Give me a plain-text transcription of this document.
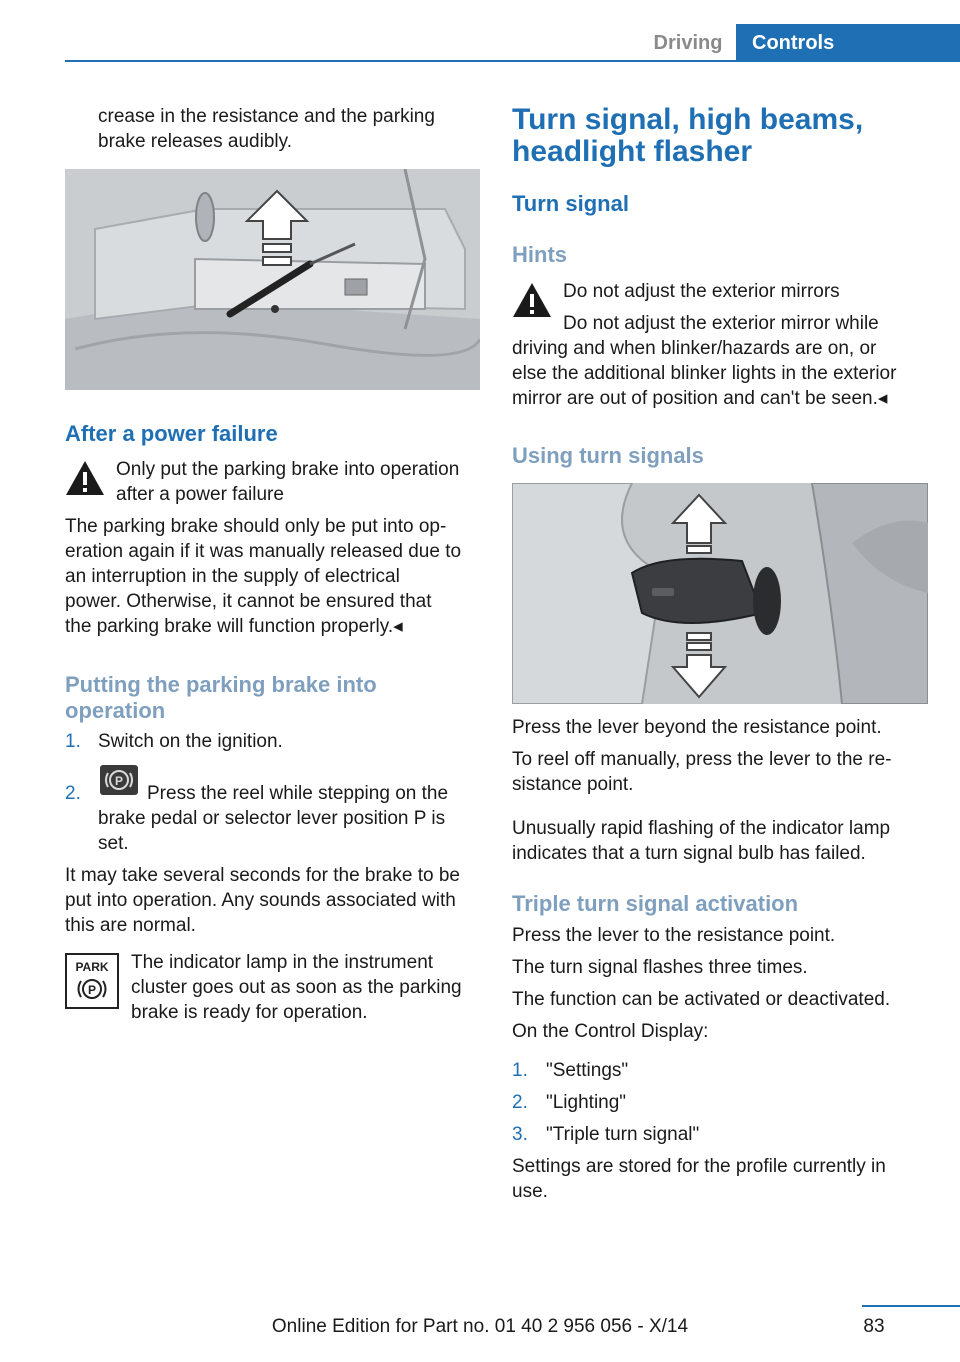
Driving	Controls
crease in the resistance and the parking
brake releases audibly.
After a power failure
Only put the parking brake into operation
after a power failure
The parking brake should only be put into op-
eration again if it was manually released due to
an interruption in the supply of electrical
power. Otherwise, it cannot be ensured that
the parking brake will function properly.◂
Putting the parking brake into
operation
1. Switch on the ignition.
2.
P
Press the reel while stepping on the
brake pedal or selector lever position P is
set.
It may take several seconds for the brake to be
put into operation. Any sounds associated with
this are normal.
PARK
P
The indicator lamp in the instrument
cluster goes out as soon as the parking
brake is ready for operation.
Turn signal, high beams,
headlight flasher
Turn signal
Hints
Do not adjust the exterior mirrors
Do not adjust the exterior mirror while
driving and when blinker/hazards are on, or
else the additional blinker lights in the exterior
mirror are out of position and can't be seen.◂
Using turn signals
Press the lever beyond the resistance point.
To reel off manually, press the lever to the re-
sistance point.
Unusually rapid flashing of the indicator lamp
indicates that a turn signal bulb has failed.
Triple turn signal activation
Press the lever to the resistance point.
The turn signal flashes three times.
The function can be activated or deactivated.
On the Control Display:
1. "Settings"
2. "Lighting"
3. "Triple turn signal"
Settings are stored for the profile currently in
use.
83
Online Edition for Part no. 01 40 2 956 056 - X/14
